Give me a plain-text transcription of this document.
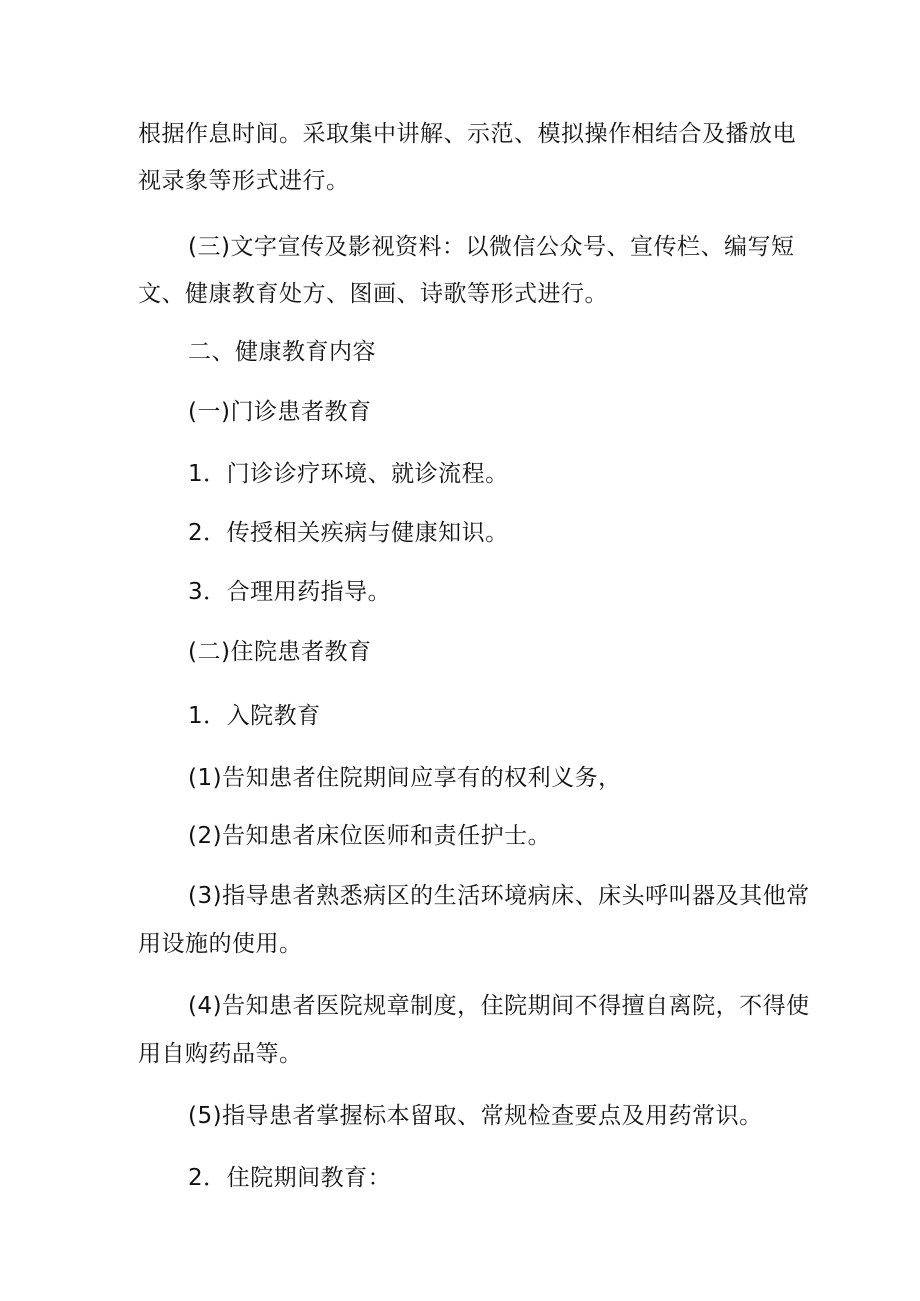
根据作息时间。采取集中讲解、示范、模拟操作相结合及播放电
视录象等形式进行。
(三)文字宣传及影视资料：以微信公众号、宣传栏、编写短
文、健康教育处方、图画、诗歌等形式进行。
二、健康教育内容
(一)门诊患者教育
1．门诊诊疗环境、就诊流程。
2．传授相关疾病与健康知识。
3．合理用药指导。
(二)住院患者教育
1．入院教育
(1)告知患者住院期间应享有的权利义务，
(2)告知患者床位医师和责任护士。
(3)指导患者熟悉病区的生活环境病床、床头呼叫器及其他常
用设施的使用。
(4)告知患者医院规章制度，住院期间不得擅自离院，不得使
用自购药品等。
(5)指导患者掌握标本留取、常规检查要点及用药常识。
2．住院期间教育：
